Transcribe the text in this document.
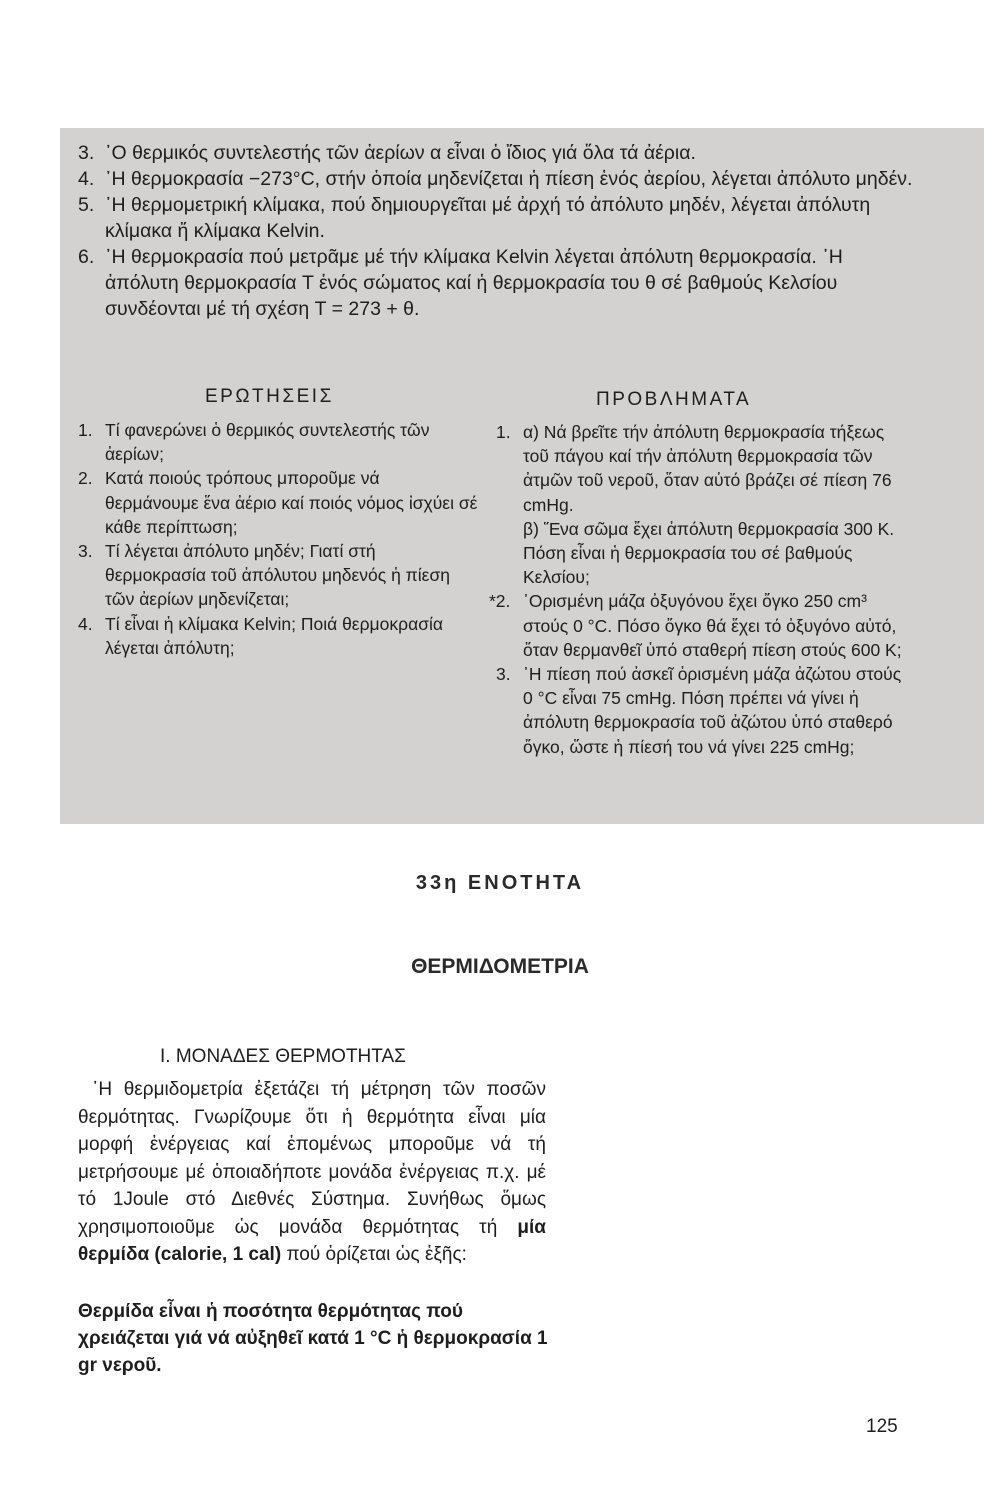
3. ᾽Ο θερμικός συντελεστής τῶν ἀερίων α εἶναι ὁ ἴδιος γιά ὅλα τά ἀέρια.

4. ᾽Η θερμοκρασία −273°C, στήν ὁποία μηδενίζεται ἡ πίεση ἑνός ἀερίου, λέγεται ἀπόλυτο μηδέν.

5. ᾽Η θερμομετρική κλίμακα, πού δημιουργεῖται μέ ἀρχή τό ἀπόλυτο μηδέν, λέγεται ἀπόλυτη κλίμακα ἤ κλίμακα Kelvin.

6. ᾽Η θερμοκρασία πού μετρᾶμε μέ τήν κλίμακα Kelvin λέγεται ἀπόλυτη θερμοκρασία. ᾽Η ἀπόλυτη θερμοκρασία T ἑνός σώματος καί ἡ θερμοκρασία του θ σέ βαθμούς Κελσίου συνδέονται μέ τή σχέση T = 273 + θ.

ΕΡΩΤΗΣΕΙΣ

1. Τί φανερώνει ὁ θερμικός συντελεστής τῶν ἀερίων;

2. Κατά ποιούς τρόπους μποροῦμε νά θερμάνουμε ἕνα ἀέριο καί ποιός νόμος ἰσχύει σέ κάθε περίπτωση;

3. Τί λέγεται ἀπόλυτο μηδέν; Γιατί στή θερμοκρασία τοῦ ἀπόλυτου μηδενός ἡ πίεση τῶν ἀερίων μηδενίζεται;

4. Τί εἶναι ἡ κλίμακα Kelvin; Ποιά θερμοκρασία λέγεται ἀπόλυτη;

ΠΡΟΒΛΗΜΑΤΑ
1. α) Νά βρεῖτε τήν ἀπόλυτη θερμοκρασία τήξεως τοῦ πάγου καί τήν ἀπόλυτη θερμοκρασία τῶν ἀτμῶν τοῦ νεροῦ, ὅταν αὐτό βράζει σέ πίεση 76 cmHg.

β) Ἕνα σῶμα ἔχει ἀπόλυτη θερμοκρασία 300 K. Πόση εἶναι ἡ θερμοκρασία του σέ βαθμούς Κελσίου;

*2. ᾽Ορισμένη μάζα ὀξυγόνου ἔχει ὄγκο 250 cm³ στούς 0 °C. Πόσο ὄγκο θά ἔχει τό ὀξυγόνο αὐτό, ὅταν θερμανθεῖ ὑπό σταθερή πίεση στούς 600 K;

3. ᾽Η πίεση πού ἀσκεῖ ὁρισμένη μάζα ἀζώτου στούς 0 °C εἶναι 75 cmHg. Πόση πρέπει νά γίνει ἡ ἀπόλυτη θερμοκρασία τοῦ ἀζώτου ὑπό σταθερό ὄγκο, ὥστε ἡ πίεσή του νά γίνει 225 cmHg;

33η ΕΝΟΤΗΤΑ
ΘΕΡΜΙΔΟΜΕΤΡΙΑ
Ι. ΜΟΝΑΔΕΣ ΘΕΡΜΟΤΗΤΑΣ

᾽Η θερμιδομετρία ἐξετάζει τή μέτρηση τῶν ποσῶν θερμότητας. Γνωρίζουμε ὅτι ἡ θερμότητα εἶναι μία μορφή ἐνέργειας καί ἑπομένως μποροῦμε νά τή μετρήσουμε μέ ὁποιαδήποτε μονάδα ἐνέργειας π.χ. μέ τό 1Joule στό Διεθνές Σύστημα. Συνήθως ὅμως χρησιμοποιοῦμε ὡς μονάδα θερμότητας τή μία θερμίδα (calorie, 1 cal) πού ὁρίζεται ὡς ἑξῆς:

Θερμίδα εἶναι ἡ ποσότητα θερμότητας πού χρειάζεται γιά νά αὐξηθεῖ κατά 1 °C ἡ θερμοκρασία 1 gr νεροῦ.

125
